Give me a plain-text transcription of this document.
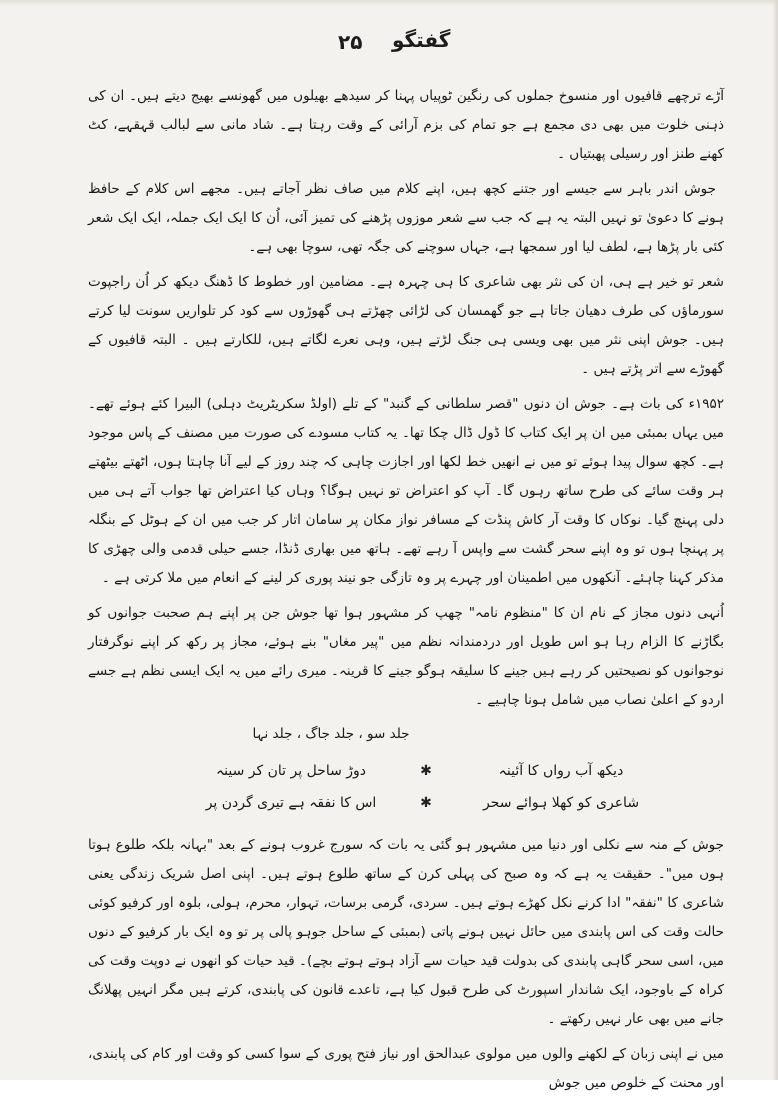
۲۵ گفتگو

آڑے ترچھے قافیوں اور منسوخ جملوں کی رنگین ٹوپیاں پہنا کر سیدھے بھیلوں میں گھونسے بھیج دیتے ہیں۔ ان کی ذہنی خلوت میں بھی دی مجمع ہے جو تمام کی بزم آرائی کے وقت رہتا ہے۔ شاد مانی سے لبالب قہقہے، کٹ کھنے طنز اور رسیلی پھبتیاں ۔

جوش اندر باہر سے جیسے اور جتنے کچھ ہیں، اپنے کلام میں صاف نظر آجاتے ہیں۔ مجھے اس کلام کے حافظ ہونے کا دعویٰ تو نہیں البتہ یہ ہے کہ جب سے شعر موزوں پڑھنے کی تمیز آئی، اُن کا ایک ایک جملہ، ایک ایک شعر کئی بار پڑھا ہے، لطف لیا اور سمجھا ہے، جہاں سوچنے کی جگہ تھی، سوچا بھی ہے۔

شعر تو خیر ہے ہی، ان کی نثر بھی شاعری کا ہی چہرہ ہے۔ مضامین اور خطوط کا ڈھنگ دیکھ کر اُن راجپوت سورماؤں کی طرف دھیان جاتا ہے جو گھمسان کی لڑائی چھڑتے ہی گھوڑوں سے کود کر تلواریں سونت لیا کرتے ہیں۔ جوش اپنی نثر میں بھی ویسی ہی جنگ لڑتے ہیں، وہی نعرے لگاتے ہیں، للکارتے ہیں ۔ البتہ قافیوں کے گھوڑے سے اتر پڑتے ہیں ۔

۱۹۵۲ء کی بات ہے۔ جوش ان دنوں "قصر سلطانی کے گنبد" کے تلے (اولڈ سکریٹریٹ دہلی) البیرا کئے ہوئے تھے۔ میں یہاں بمبئی میں ان پر ایک کتاب کا ڈول ڈال چکا تھا۔ یہ کتاب مسودے کی صورت میں مصنف کے پاس موجود ہے۔ کچھ سوال پیدا ہوئے تو میں نے انھیں خط لکھا اور اجازت چاہی کہ چند روز کے لیے آنا چاہتا ہوں، اٹھتے بیٹھتے ہر وقت سائے کی طرح ساتھ رہوں گا۔ آپ کو اعتراض تو نہیں ہوگا؟ وہاں کیا اعتراض تھا جواب آتے ہی میں دلی پہنچ گیا۔ نوکاں کا وقت آر کاش پنڈت کے مسافر نواز مکان پر سامان اتار کر جب میں ان کے ہوٹل کے بنگلہ پر پہنچا ہوں تو وہ اپنے سحر گشت سے واپس آ رہے تھے۔ ہاتھ میں بھاری ڈنڈا، جسے حیلی قدمی والی چھڑی کا مذکر کہنا چاہئے۔ آنکھوں میں اطمینان اور چہرے پر وہ تازگی جو نیند پوری کر لینے کے انعام میں ملا کرتی ہے ۔

اُنہی دنوں مجاز کے نام ان کا "منظوم نامہ" چھپ کر مشہور ہوا تھا جوش جن پر اپنے ہم صحبت جوانوں کو بگاڑنے کا الزام رہا ہو اس طویل اور دردمندانہ نظم میں "پیر مغاں" بنے ہوئے، مجاز پر رکھ کر اپنے نوگرفتار نوجوانوں کو نصیحتیں کر رہے ہیں جینے کا سلیقہ ہوگو جینے کا قرینہ۔ میری رائے میں یہ ایک ایسی نظم ہے جسے اردو کے اعلیٰ نصاب میں شامل ہونا چاہیے ۔

جلد سو ، جلد جاگ ، جلد نہا
دیکھ آب رواں کا آئینہ
✱
دوڑ ساحل پر تان کر سینہ
شاعری کو کھلا ہوائے سحر
✱
اس کا نفقہ ہے تیری گردن پر

جوش کے منہ سے نکلی اور دنیا میں مشہور ہو گئی یہ بات کہ سورج غروب ہونے کے بعد "بہانہ بلکہ طلوع ہوتا ہوں میں"۔ حقیقت یہ ہے کہ وہ صبح کی پہلی کرن کے ساتھ طلوع ہوتے ہیں۔ اپنی اصل شریک زندگی یعنی شاعری کا "نفقہ" ادا کرنے نکل کھڑے ہوتے ہیں۔ سردی، گرمی برسات، تہوار، محرم، ہولی، بلوہ اور کرفیو کوئی حالت وقت کی اس پابندی میں حائل نہیں ہونے پاتی (بمبئی کے ساحل جوہو پالی پر تو وہ ایک بار کرفیو کے دنوں میں، اسی سحر گاہی پابندی کی بدولت قید حیات سے آزاد ہوتے ہوتے بچے)۔ قید حیات کو انھوں نے دوپت وقت کی کراہ کے باوجود، ایک شاندار اسپورٹ کی طرح قبول کیا ہے، تاعدے قانون کی پابندی، کرتے ہیں مگر انہیں پھلانگ جانے میں بھی عار نہیں رکھتے ۔

میں نے اپنی زبان کے لکھنے والوں میں مولوی عبدالحق اور نیاز فتح پوری کے سوا کسی کو وقت اور کام کی پابندی، اور محنت کے خلوص میں جوش
